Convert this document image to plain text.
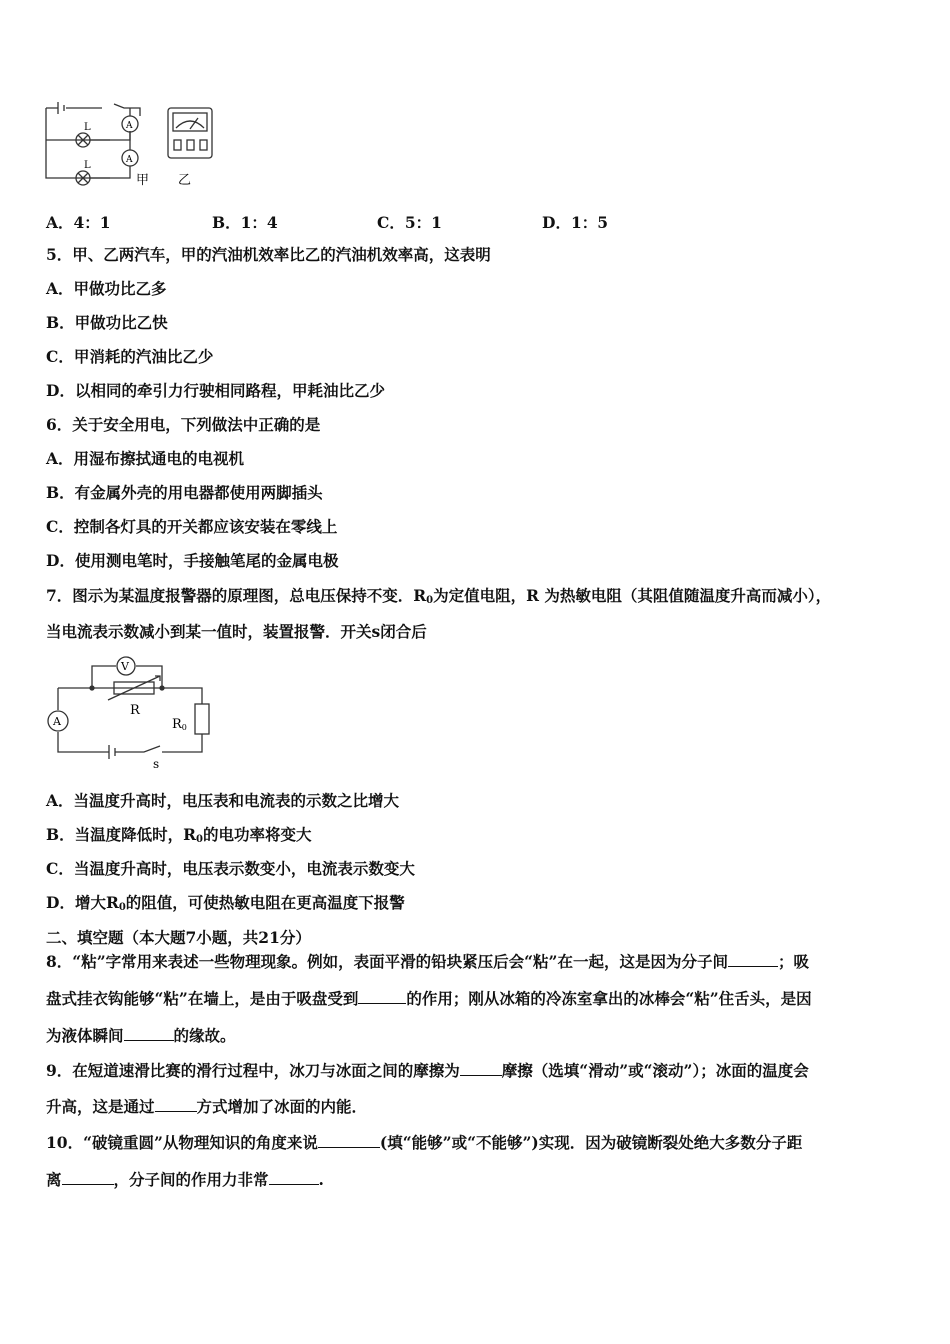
L
L
A
A
甲 乙
A．4：1	B．1：4	C．5：1	D．1：5
5．甲、乙两汽车，甲的汽油机效率比乙的汽油机效率高，这表明
A．甲做功比乙多
B．甲做功比乙快
C．甲消耗的汽油比乙少
D．以相同的牵引力行驶相同路程，甲耗油比乙少
6．关于安全用电，下列做法中正确的是
A．用湿布擦拭通电的电视机
B．有金属外壳的用电器都使用两脚插头
C．控制各灯具的开关都应该安装在零线上
D．使用测电笔时，手接触笔尾的金属电极
7．图示为某温度报警器的原理图，总电压保持不变．$R_0$为定值电阻，R 为热敏电阻（其阻值随温度升高而减小），
当电流表示数减小到某一值时，装置报警．开关s闭合后
V
A
R
R0
s
A．当温度升高时，电压表和电流表的示数之比增大
B．当温度降低时，$R_0$的电功率将变大
C．当温度升高时，电压表示数变小，电流表示数变大
D．增大$R_0$的阻值，可使热敏电阻在更高温度下报警
二、填空题（本大题7小题，共21分）
8．“粘”字常用来表述一些物理现象。例如，表面平滑的铅块紧压后会“粘”在一起，这是因为分子间	；吸
盘式挂衣钩能够“粘”在墙上，是由于吸盘受到	的作用；刚从冰箱的冷冻室拿出的冰棒会“粘”住舌头，是因
为液体瞬间	的缘故。
9．在短道速滑比赛的滑行过程中，冰刀与冰面之间的摩擦为	摩擦（选填“滑动”或“滚动”）；冰面的温度会
升高，这是通过	方式增加了冰面的内能．
10．“破镜重圆”从物理知识的角度来说	(填“能够”或“不能够”)实现．因为破镜断裂处绝大多数分子距
离	，分子间的作用力非常	.
